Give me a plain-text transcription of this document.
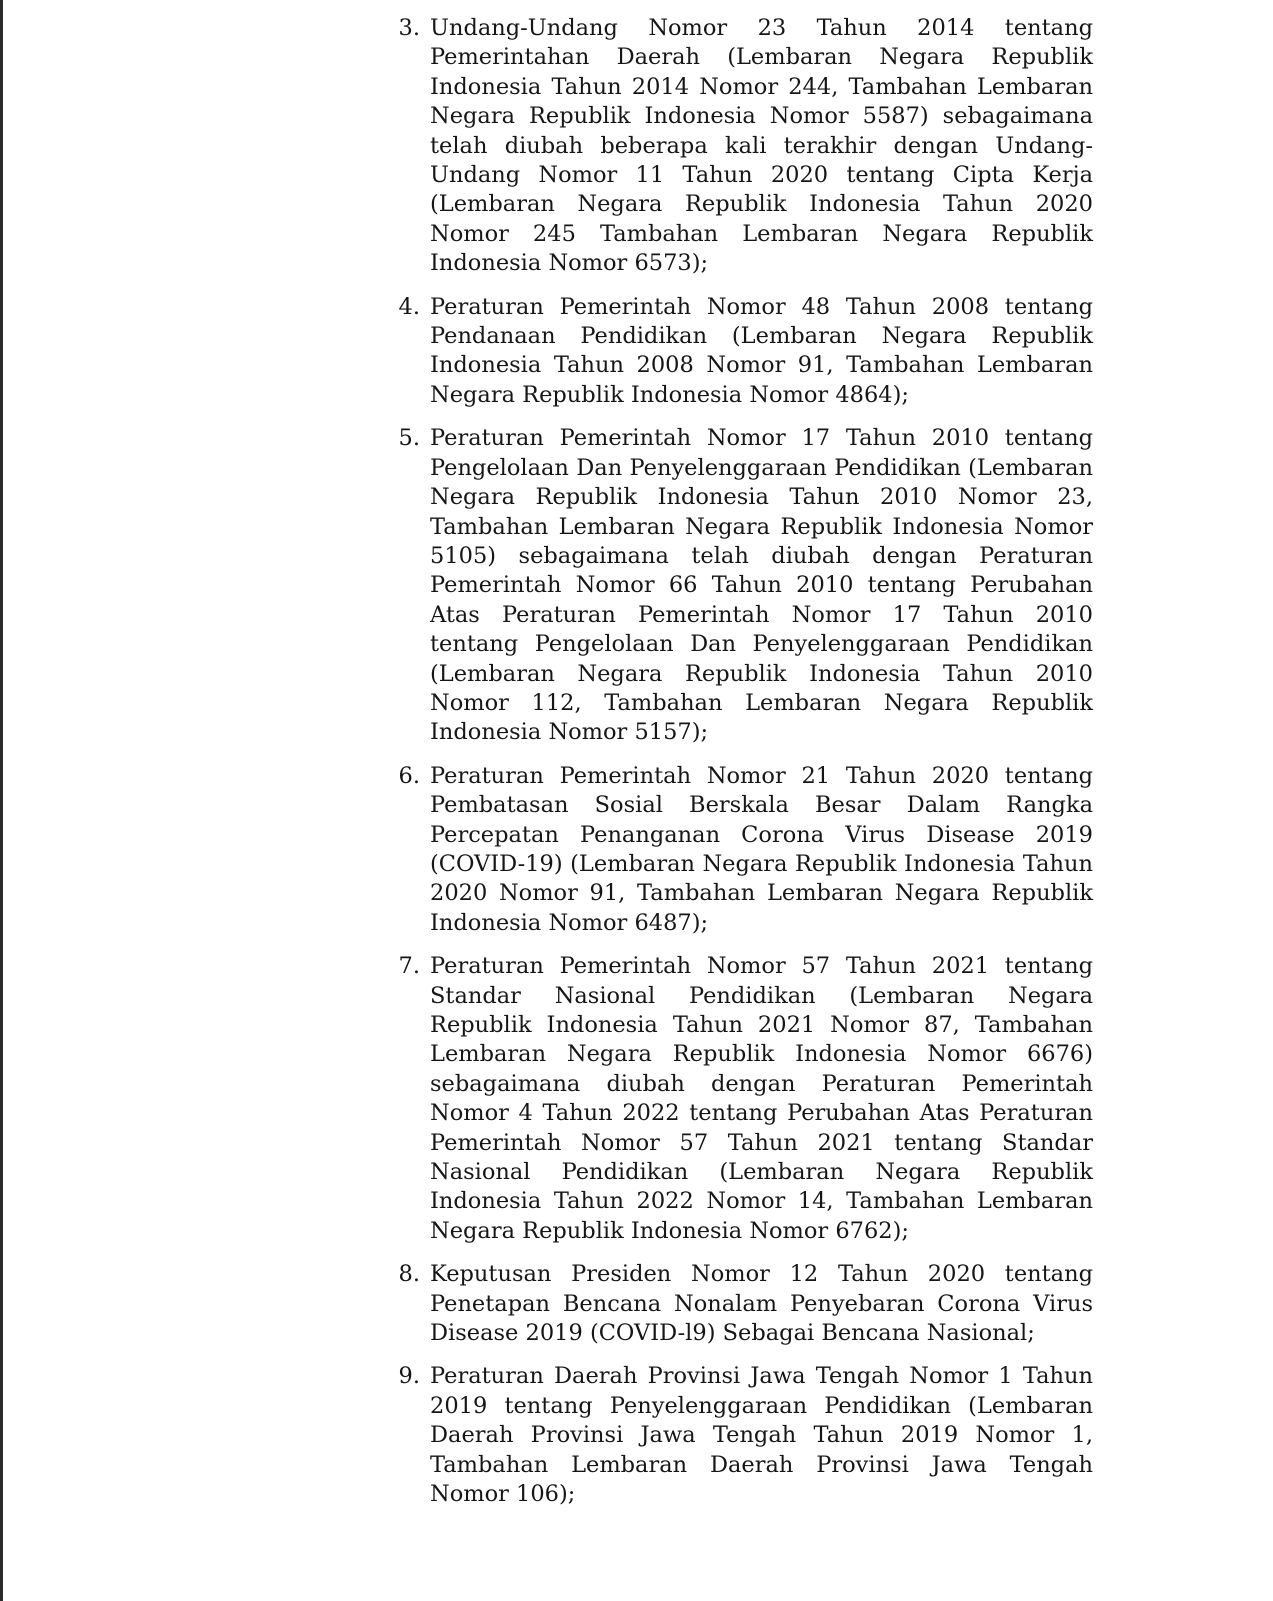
3. Undang-Undang Nomor 23 Tahun 2014 tentang Pemerintahan Daerah (Lembaran Negara Republik Indonesia Tahun 2014 Nomor 244, Tambahan Lembaran Negara Republik Indonesia Nomor 5587) sebagaimana telah diubah beberapa kali terakhir dengan Undang-Undang Nomor 11 Tahun 2020 tentang Cipta Kerja (Lembaran Negara Republik Indonesia Tahun 2020 Nomor 245 Tambahan Lembaran Negara Republik Indonesia Nomor 6573);

4. Peraturan Pemerintah Nomor 48 Tahun 2008 tentang Pendanaan Pendidikan (Lembaran Negara Republik Indonesia Tahun 2008 Nomor 91, Tambahan Lembaran Negara Republik Indonesia Nomor 4864);

5. Peraturan Pemerintah Nomor 17 Tahun 2010 tentang Pengelolaan Dan Penyelenggaraan Pendidikan (Lembaran Negara Republik Indonesia Tahun 2010 Nomor 23, Tambahan Lembaran Negara Republik Indonesia Nomor 5105) sebagaimana telah diubah dengan Peraturan Pemerintah Nomor 66 Tahun 2010 tentang Perubahan Atas Peraturan Pemerintah Nomor 17 Tahun 2010 tentang Pengelolaan Dan Penyelenggaraan Pendidikan (Lembaran Negara Republik Indonesia Tahun 2010 Nomor 112, Tambahan Lembaran Negara Republik Indonesia Nomor 5157);

6. Peraturan Pemerintah Nomor 21 Tahun 2020 tentang Pembatasan Sosial Berskala Besar Dalam Rangka Percepatan Penanganan Corona Virus Disease 2019 (COVID-19) (Lembaran Negara Republik Indonesia Tahun 2020 Nomor 91, Tambahan Lembaran Negara Republik Indonesia Nomor 6487);

7. Peraturan Pemerintah Nomor 57 Tahun 2021 tentang Standar Nasional Pendidikan (Lembaran Negara Republik Indonesia Tahun 2021 Nomor 87, Tambahan Lembaran Negara Republik Indonesia Nomor 6676) sebagaimana diubah dengan Peraturan Pemerintah Nomor 4 Tahun 2022 tentang Perubahan Atas Peraturan Pemerintah Nomor 57 Tahun 2021 tentang Standar Nasional Pendidikan (Lembaran Negara Republik Indonesia Tahun 2022 Nomor 14, Tambahan Lembaran Negara Republik Indonesia Nomor 6762);

8. Keputusan Presiden Nomor 12 Tahun 2020 tentang Penetapan Bencana Nonalam Penyebaran Corona Virus Disease 2019 (COVID-l9) Sebagai Bencana Nasional;

9. Peraturan Daerah Provinsi Jawa Tengah Nomor 1 Tahun 2019 tentang Penyelenggaraan Pendidikan (Lembaran Daerah Provinsi Jawa Tengah Tahun 2019 Nomor 1, Tambahan Lembaran Daerah Provinsi Jawa Tengah Nomor 106);
